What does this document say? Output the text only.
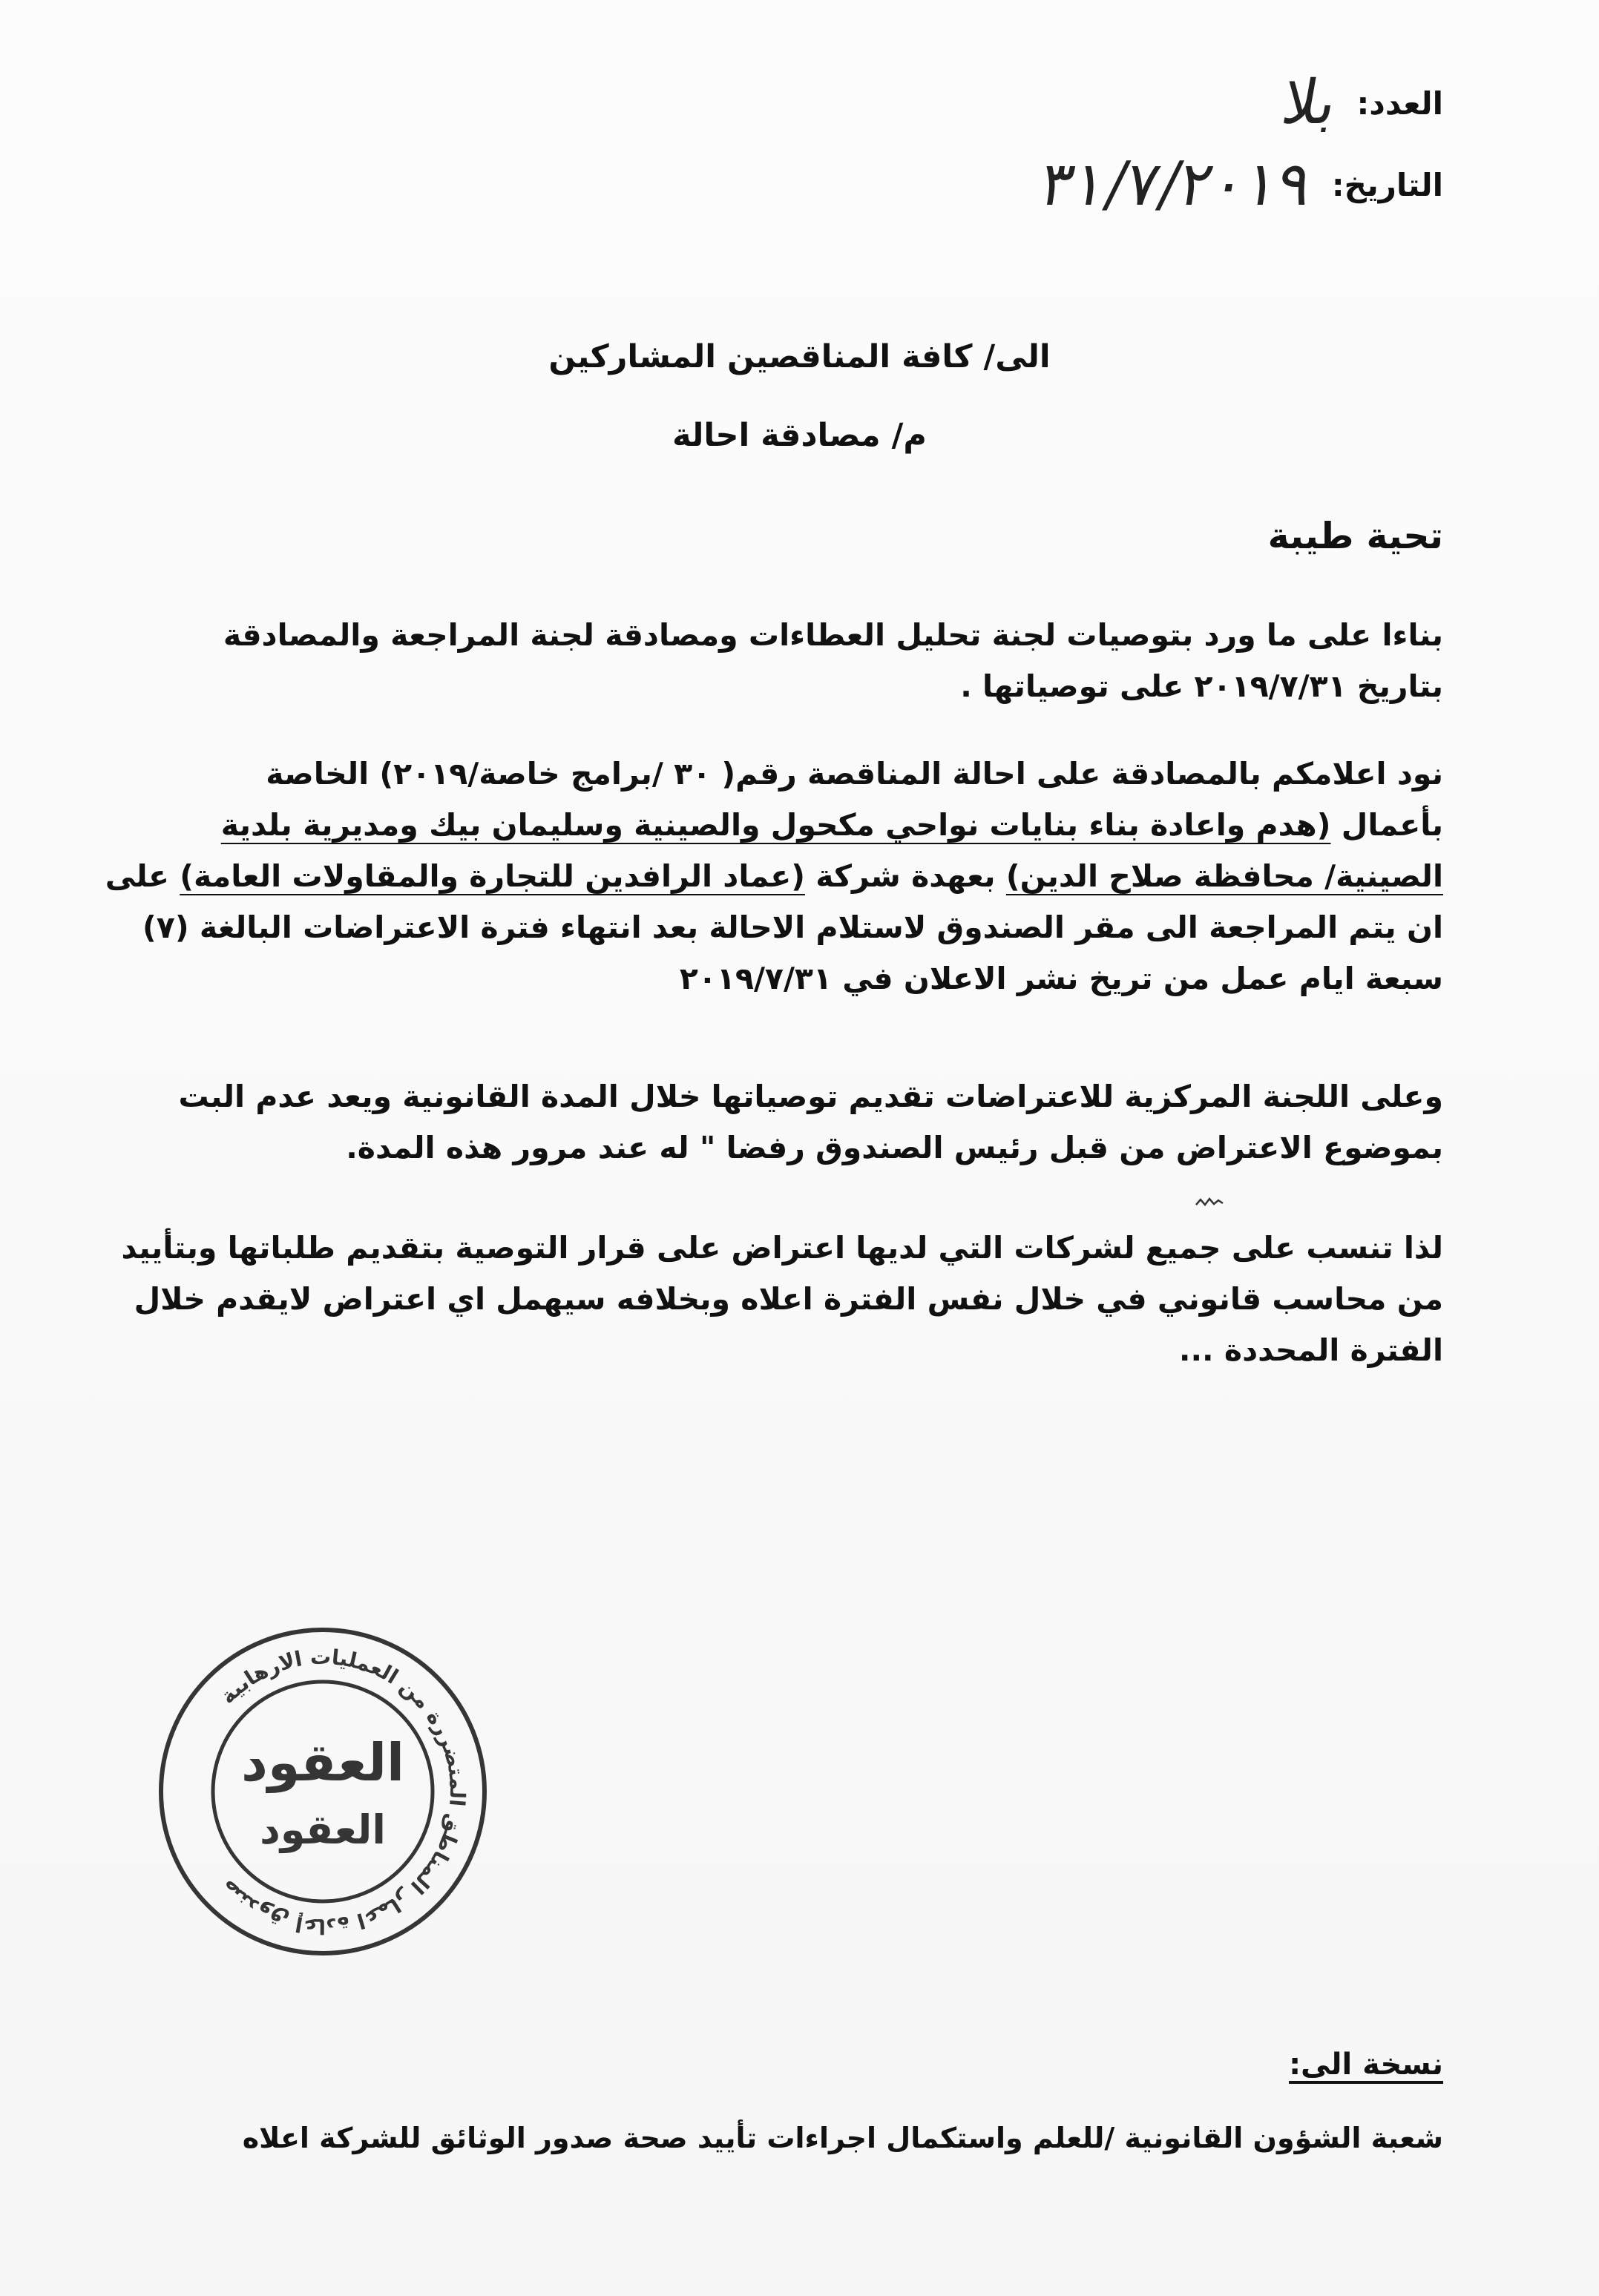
العدد:
بلا
التاريخ:
٣١/٧/٢٠١٩
الى/ كافة المناقصين المشاركين
م/ مصادقة احالة
تحية طيبة
بناءا على ما ورد بتوصيات لجنة تحليل العطاءات ومصادقة لجنة المراجعة والمصادقة
بتاريخ ٢٠١٩/٧/٣١ على توصياتها .
نود اعلامكم بالمصادقة على احالة المناقصة رقم( ٣٠ /برامج خاصة/٢٠١٩) الخاصة
بأعمال (هدم واعادة بناء بنايات نواحي مكحول والصينية وسليمان بيك ومديرية بلدية
الصينية/ محافظة صلاح الدين) بعهدة شركة (عماد الرافدين للتجارة والمقاولات العامة) على
ان يتم المراجعة الى مقر الصندوق لاستلام الاحالة بعد انتهاء فترة الاعتراضات البالغة (٧)
سبعة ايام عمل من تريخ نشر الاعلان في ٢٠١٩/٧/٣١
وعلى اللجنة المركزية للاعتراضات تقديم توصياتها خلال المدة القانونية ويعد عدم البت
بموضوع الاعتراض من قبل رئيس الصندوق رفضا " له عند مرور هذه المدة.
لذا تنسب على جميع لشركات التي لديها اعتراض على قرار التوصية بتقديم طلباتها وبتأييد
من محاسب قانوني في خلال نفس الفترة اعلاه وبخلافه سيهمل اي اعتراض لايقدم خلال
الفترة المحددة ...
صندوق إعادة اعمار المناطق المتضررة من العمليات الارهابية
العقود
العقود
نسخة الى:
شعبة الشؤون القانونية /للعلم واستكمال اجراءات تأييد صحة صدور الوثائق للشركة اعلاه
